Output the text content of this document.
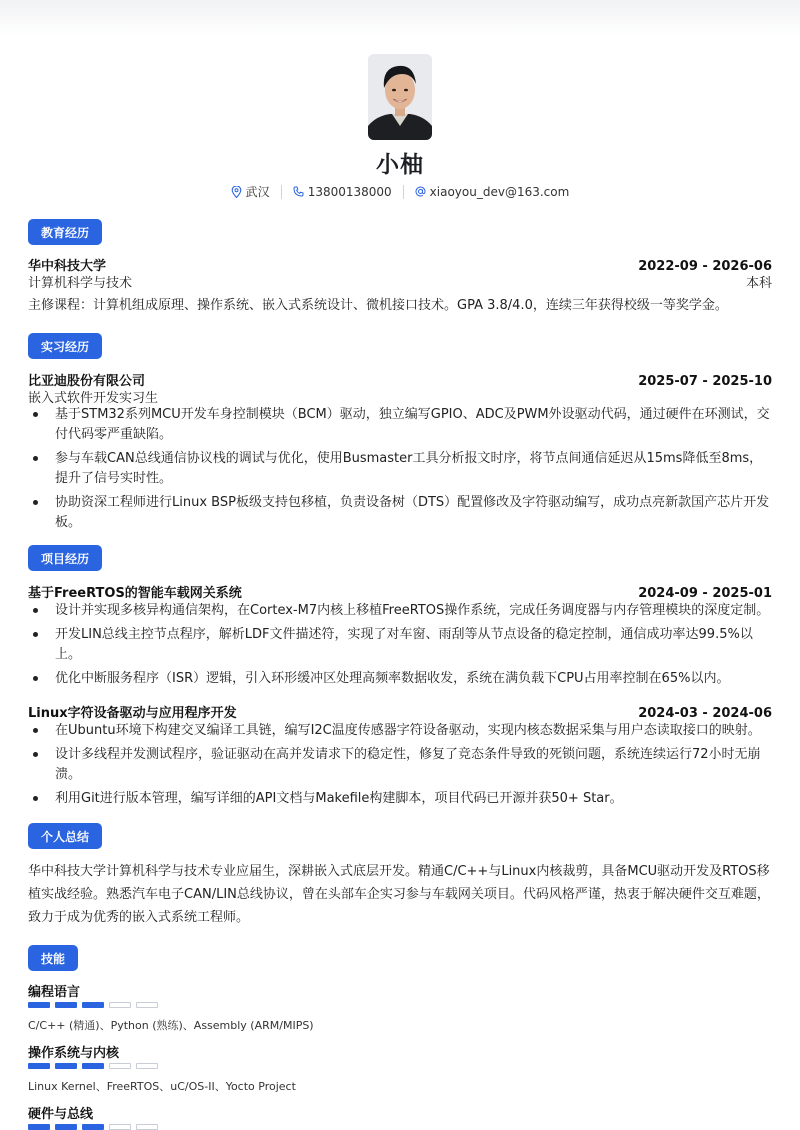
小柚
武汉	13800138000	xiaoyou_dev@163.com
教育经历
华中科技大学	2022-09 - 2026-06
计算机科学与技术	本科

主修课程：计算机组成原理、操作系统、嵌入式系统设计、微机接口技术。GPA 3.8/4.0，连续三年获得校级一等奖学金。

实习经历
比亚迪股份有限公司	2025-07 - 2025-10
嵌入式软件开发实习生
基于STM32系列MCU开发车身控制模块（BCM）驱动，独立编写GPIO、ADC及PWM外设驱动代码，通过硬件在环测试，交付代码零严重缺陷。
参与车载CAN总线通信协议栈的调试与优化，使用Busmaster工具分析报文时序，将节点间通信延迟从15ms降低至8ms，提升了信号实时性。
协助资深工程师进行Linux BSP板级支持包移植，负责设备树（DTS）配置修改及字符驱动编写，成功点亮新款国产芯片开发板。
项目经历
基于FreeRTOS的智能车载网关系统	2024-09 - 2025-01
设计并实现多核异构通信架构，在Cortex-M7内核上移植FreeRTOS操作系统，完成任务调度器与内存管理模块的深度定制。
开发LIN总线主控节点程序，解析LDF文件描述符，实现了对车窗、雨刮等从节点设备的稳定控制，通信成功率达99.5%以上。
优化中断服务程序（ISR）逻辑，引入环形缓冲区处理高频率数据收发，系统在满负载下CPU占用率控制在65%以内。
Linux字符设备驱动与应用程序开发	2024-03 - 2024-06
在Ubuntu环境下构建交叉编译工具链，编写I2C温度传感器字符设备驱动，实现内核态数据采集与用户态读取接口的映射。
设计多线程并发测试程序，验证驱动在高并发请求下的稳定性，修复了竞态条件导致的死锁问题，系统连续运行72小时无崩溃。
利用Git进行版本管理，编写详细的API文档与Makefile构建脚本，项目代码已开源并获50+ Star。
个人总结

华中科技大学计算机科学与技术专业应届生，深耕嵌入式底层开发。精通C/C++与Linux内核裁剪，具备MCU驱动开发及RTOS移植实战经验。熟悉汽车电子CAN/LIN总线协议，曾在头部车企实习参与车载网关项目。代码风格严谨，热衷于解决硬件交互难题，致力于成为优秀的嵌入式系统工程师。

技能
编程语言
C/C++ (精通)、Python (熟练)、Assembly (ARM/MIPS)
操作系统与内核
Linux Kernel、FreeRTOS、uC/OS-II、Yocto Project
硬件与总线
